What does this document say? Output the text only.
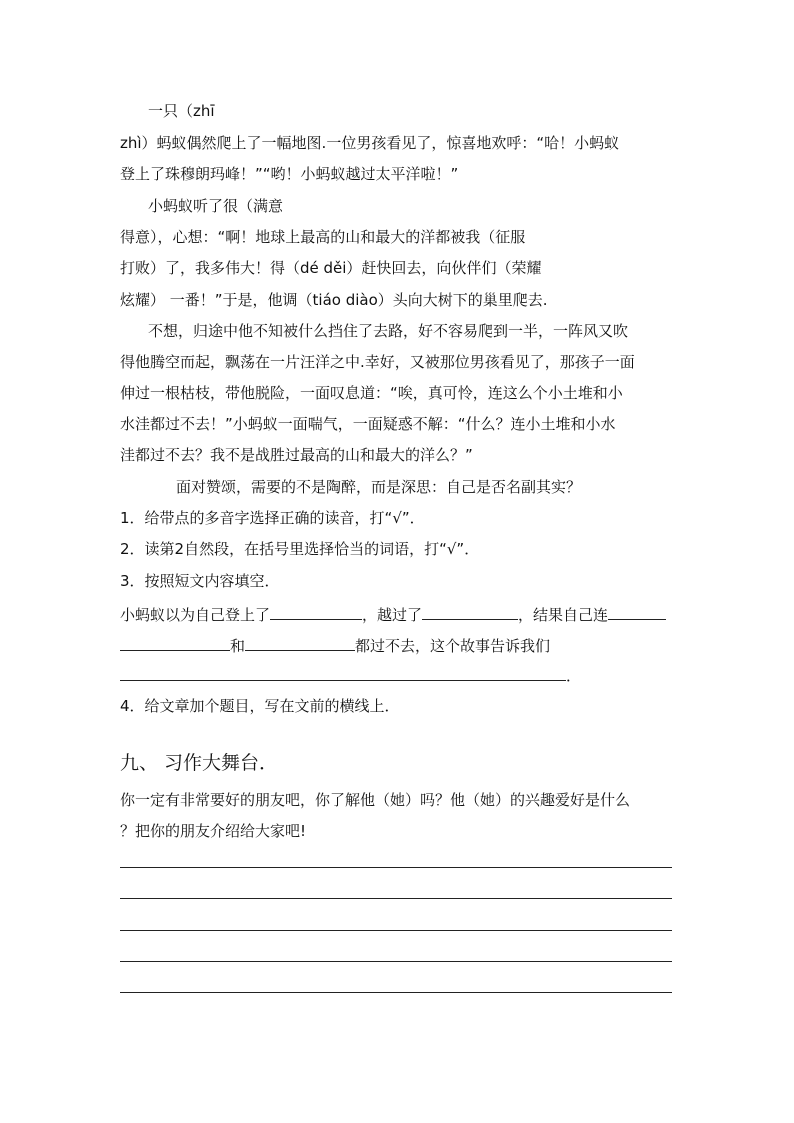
一只（zhī
zhì）蚂蚁偶然爬上了一幅地图.一位男孩看见了，惊喜地欢呼：“哈！小蚂蚁
登上了珠穆朗玛峰！”“哟！小蚂蚁越过太平洋啦！”
小蚂蚁听了很（满意
得意），心想：“啊！地球上最高的山和最大的洋都被我（征服
打败）了，我多伟大！得（dé děi）赶快回去，向伙伴们（荣耀
炫耀） 一番！”于是，他调（tiáo diào）头向大树下的巢里爬去.
不想，归途中他不知被什么挡住了去路，好不容易爬到一半，一阵风又吹
得他腾空而起，飘荡在一片汪洋之中.幸好，又被那位男孩看见了，那孩子一面
伸过一根枯枝，带他脱险，一面叹息道：“唉，真可怜，连这么个小土堆和小
水洼都过不去！”小蚂蚁一面喘气，一面疑惑不解：“什么？连小土堆和小水
洼都过不去？我不是战胜过最高的山和最大的洋么？”
面对赞颂，需要的不是陶醉，而是深思：自己是否名副其实？
1．给带点的多音字选择正确的读音，打“√”．
2．读第2自然段，在括号里选择恰当的词语，打“√”．
3．按照短文内容填空．
小蚂蚁以为自己登上了	，越过了	，结果自己连
和	都过不去，这个故事告诉我们
．
4．给文章加个题目，写在文前的横线上．
九、 习作大舞台．
你一定有非常要好的朋友吧，你了解他（她）吗？他（她）的兴趣爱好是什么
？把你的朋友介绍给大家吧!
